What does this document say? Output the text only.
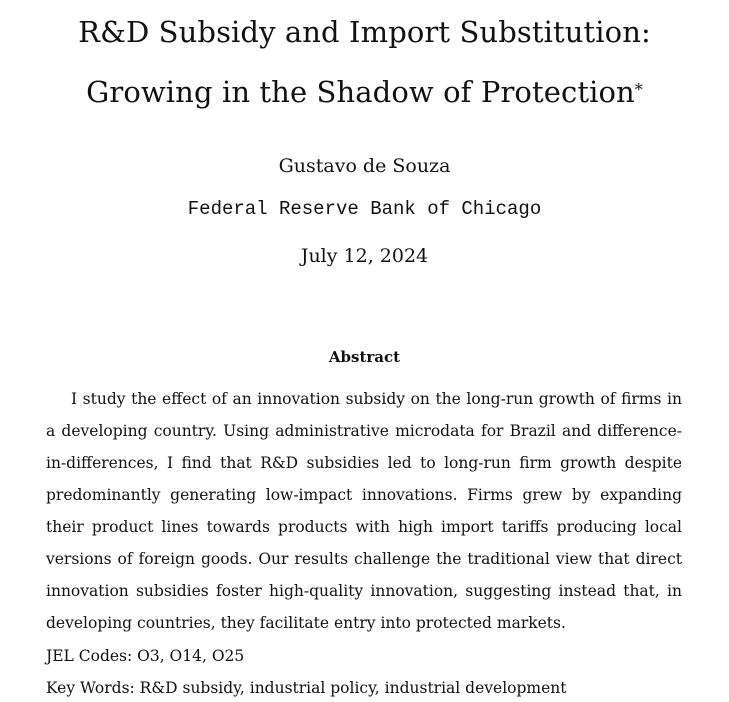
R&D Subsidy and Import Substitution:
Growing in the Shadow of Protection*
Gustavo de Souza
Federal Reserve Bank of Chicago
July 12, 2024
Abstract

I study the effect of an innovation subsidy on the long-run growth of firms in a developing country. Using administrative microdata for Brazil and difference-in-differences, I find that R&D subsidies led to long-run firm growth despite predominantly generating low-impact innovations. Firms grew by expanding their product lines towards products with high import tariffs producing local versions of foreign goods. Our results challenge the traditional view that direct innovation subsidies foster high-quality innovation, suggesting instead that, in developing countries, they facilitate entry into protected markets.

JEL Codes: O3, O14, O25
Key Words: R&D subsidy, industrial policy, industrial development
